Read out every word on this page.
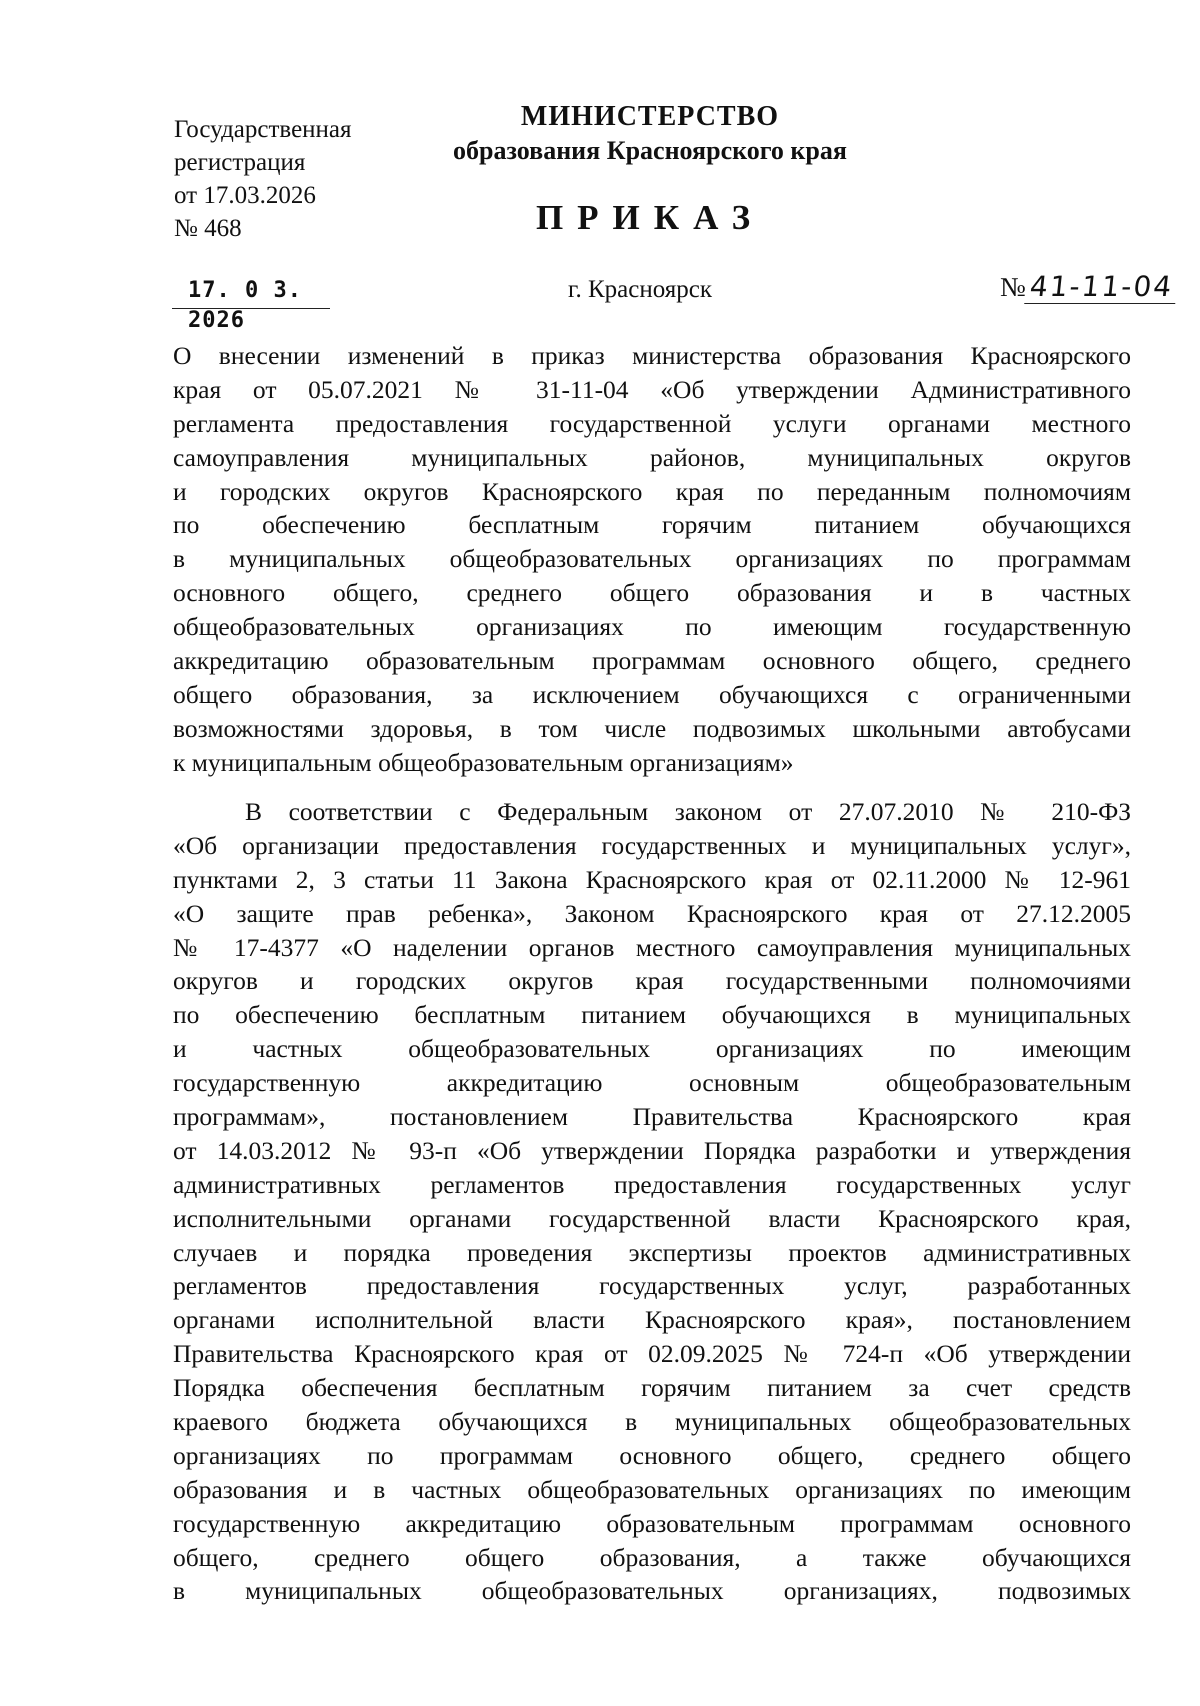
Государственная
регистрация
от 17.03.2026
№ 468
МИНИСТЕРСТВО
образования Красноярского края
ПРИКАЗ
17. 0 3. 2026
г. Красноярск	№41-11-04
О внесении изменений в приказ министерства образования Красноярского
края от 05.07.2021 № 31-11-04 «Об утверждении Административного
регламента предоставления государственной услуги органами местного
самоуправления муниципальных районов, муниципальных округов
и городских округов Красноярского края по переданным полномочиям
по обеспечению бесплатным горячим питанием обучающихся
в муниципальных общеобразовательных организациях по программам
основного общего, среднего общего образования и в частных
общеобразовательных организациях по имеющим государственную
аккредитацию образовательным программам основного общего, среднего
общего образования, за исключением обучающихся с ограниченными
возможностями здоровья, в том числе подвозимых школьными автобусами
к муниципальным общеобразовательным организациям»
В соответствии с Федеральным законом от 27.07.2010 № 210-ФЗ
«Об организации предоставления государственных и муниципальных услуг»,
пунктами 2, 3 статьи 11 Закона Красноярского края от 02.11.2000 № 12-961
«О защите прав ребенка», Законом Красноярского края от 27.12.2005
№ 17-4377 «О наделении органов местного самоуправления муниципальных
округов и городских округов края государственными полномочиями
по обеспечению бесплатным питанием обучающихся в муниципальных
и частных общеобразовательных организациях по имеющим
государственную аккредитацию основным общеобразовательным
программам», постановлением Правительства Красноярского края
от 14.03.2012 № 93-п «Об утверждении Порядка разработки и утверждения
административных регламентов предоставления государственных услуг
исполнительными органами государственной власти Красноярского края,
случаев и порядка проведения экспертизы проектов административных
регламентов предоставления государственных услуг, разработанных
органами исполнительной власти Красноярского края», постановлением
Правительства Красноярского края от 02.09.2025 № 724-п «Об утверждении
Порядка обеспечения бесплатным горячим питанием за счет средств
краевого бюджета обучающихся в муниципальных общеобразовательных
организациях по программам основного общего, среднего общего
образования и в частных общеобразовательных организациях по имеющим
государственную аккредитацию образовательным программам основного
общего, среднего общего образования, а также обучающихся
в муниципальных общеобразовательных организациях, подвозимых
